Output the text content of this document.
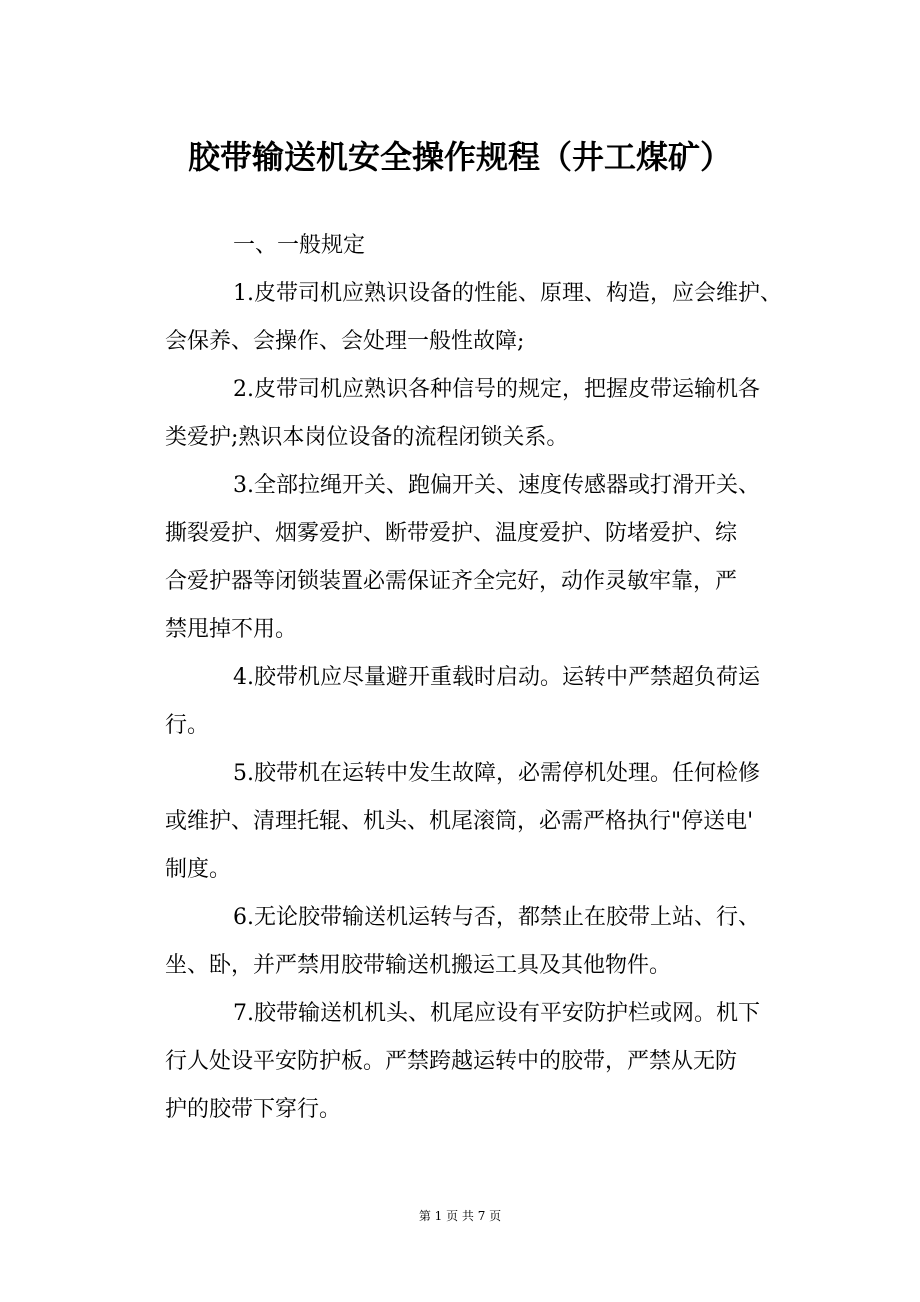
胶带输送机安全操作规程（井工煤矿）
一、一般规定
1.皮带司机应熟识设备的性能、原理、构造，应会维护、
会保养、会操作、会处理一般性故障;
2.皮带司机应熟识各种信号的规定，把握皮带运输机各
类爱护;熟识本岗位设备的流程闭锁关系。
3.全部拉绳开关、跑偏开关、速度传感器或打滑开关、
撕裂爱护、烟雾爱护、断带爱护、温度爱护、防堵爱护、综
合爱护器等闭锁装置必需保证齐全完好，动作灵敏牢靠，严
禁甩掉不用。
4.胶带机应尽量避开重载时启动。运转中严禁超负荷运
行。
5.胶带机在运转中发生故障，必需停机处理。任何检修
或维护、清理托辊、机头、机尾滚筒，必需严格执行"停送电'
制度。
6.无论胶带输送机运转与否，都禁止在胶带上站、行、
坐、卧，并严禁用胶带输送机搬运工具及其他物件。
7.胶带输送机机头、机尾应设有平安防护栏或网。机下
行人处设平安防护板。严禁跨越运转中的胶带，严禁从无防
护的胶带下穿行。
第 1 页 共 7 页
